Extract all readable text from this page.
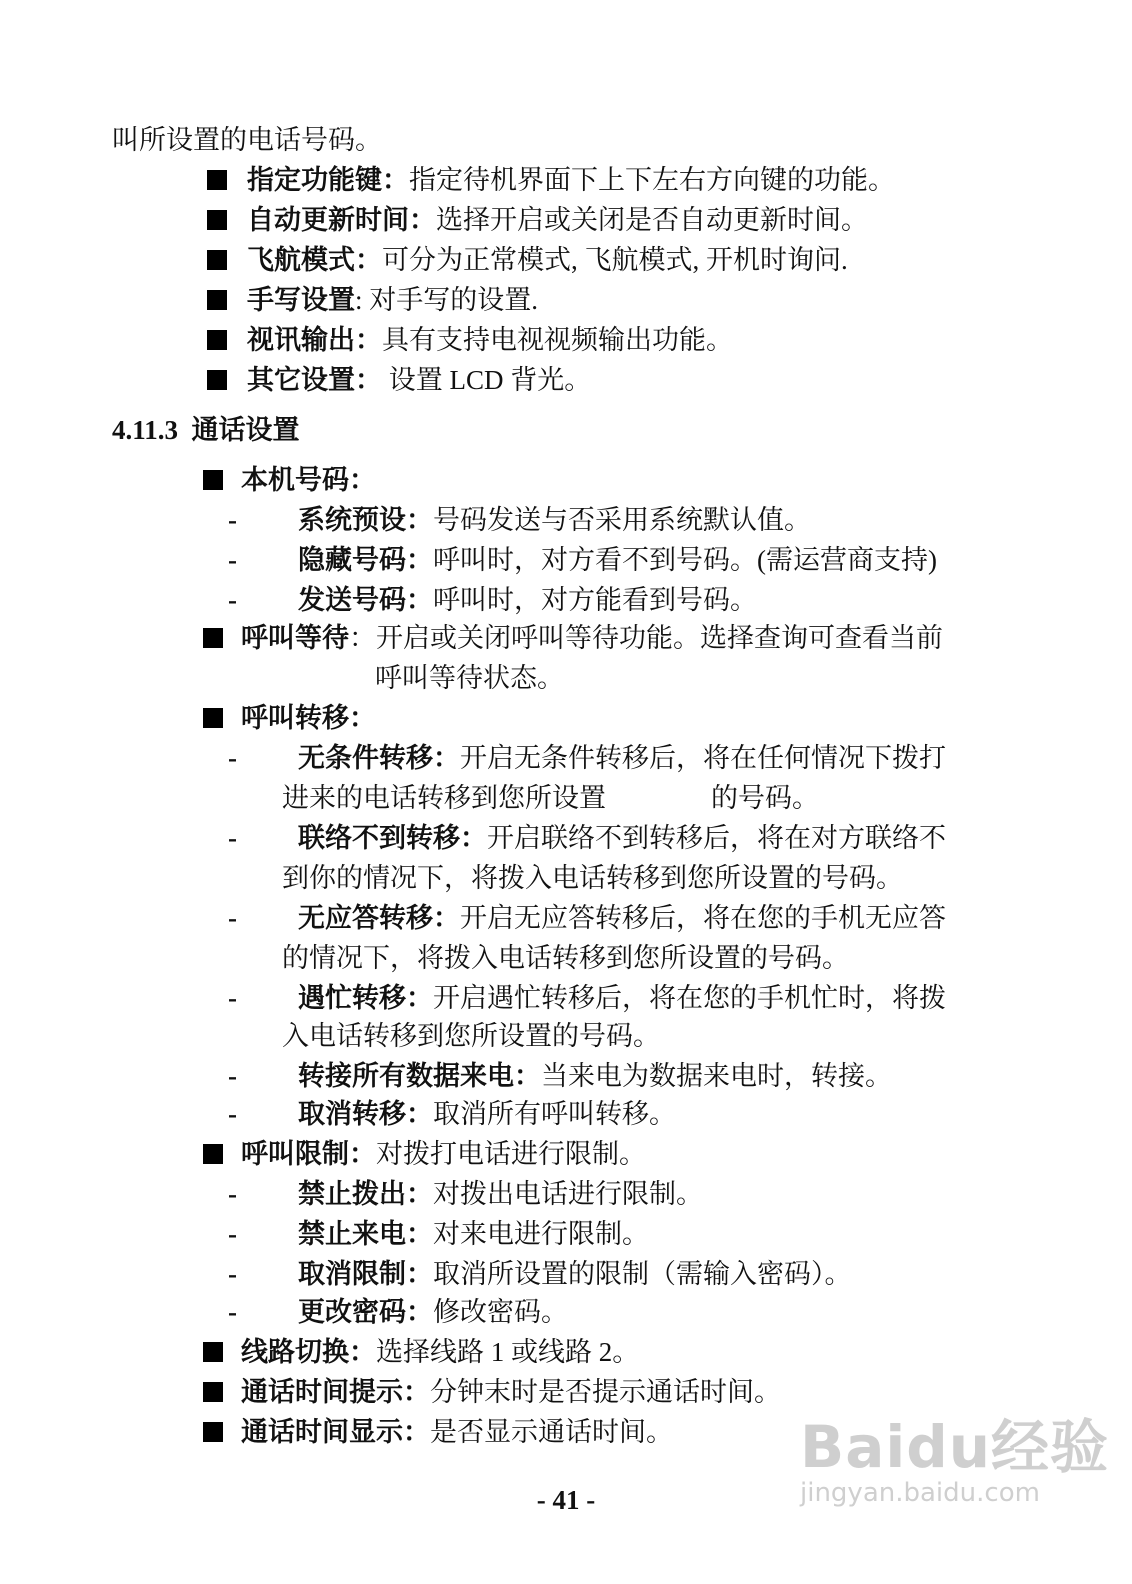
叫所设置的电话号码。
指定功能键：指定待机界面下上下左右方向键的功能。
自动更新时间：选择开启或关闭是否自动更新时间。
飞航模式：可分为正常模式, 飞航模式, 开机时询问.
手写设置: 对手写的设置.
视讯输出：具有支持电视视频输出功能。
其它设置： 设置 LCD 背光。
4.11.3 通话设置
本机号码：
- 系统预设：号码发送与否采用系统默认值。
- 隐藏号码：呼叫时，对方看不到号码。(需运营商支持)
- 发送号码：呼叫时，对方能看到号码。
呼叫等待：开启或关闭呼叫等待功能。选择查询可查看当前
呼叫等待状态。
呼叫转移：
- 无条件转移：开启无条件转移后，将在任何情况下拨打
进来的电话转移到您所设置	的号码。
- 联络不到转移：开启联络不到转移后，将在对方联络不
到你的情况下，将拨入电话转移到您所设置的号码。
- 无应答转移：开启无应答转移后，将在您的手机无应答
的情况下，将拨入电话转移到您所设置的号码。
- 遇忙转移：开启遇忙转移后，将在您的手机忙时，将拨
入电话转移到您所设置的号码。
- 转接所有数据来电：当来电为数据来电时，转接。
- 取消转移：取消所有呼叫转移。
呼叫限制：对拨打电话进行限制。
- 禁止拨出：对拨出电话进行限制。
- 禁止来电：对来电进行限制。
- 取消限制：取消所设置的限制（需输入密码）。
- 更改密码：修改密码。
线路切换：选择线路 1 或线路 2。
通话时间提示：分钟末时是否提示通话时间。
通话时间显示：是否显示通话时间。
- 41 -
Baidu经验
jingyan.baidu.com
